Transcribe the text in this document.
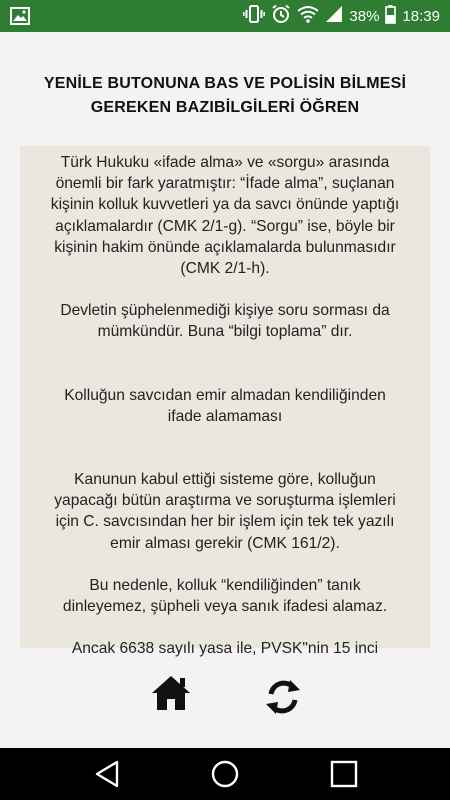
38% 18:39
YENİLE BUTONUNA BAS VE POLİSİN BİLMESİ
GEREKEN BAZIBİLGİLERİ ÖĞREN

Türk Hukuku «ifade alma» ve «sorgu» arasında
önemli bir fark yaratmıştır: “İfade alma”, suçlanan
kişinin kolluk kuvvetleri ya da savcı önünde yaptığı
açıklamalardır (CMK 2/1-g). “Sorgu” ise, böyle bir
kişinin hakim önünde açıklamalarda bulunmasıdır
(CMK 2/1-h).

Devletin şüphelenmediği kişiye soru sorması da
mümkündür. Buna “bilgi toplama” dır.

Kolluğun savcıdan emir almadan kendiliğinden
ifade alamaması

Kanunun kabul ettiği sisteme göre, kolluğun
yapacağı bütün araştırma ve soruşturma işlemleri
için C. savcısından her bir işlem için tek tek yazılı
emir alması gerekir (CMK 161/2).

Bu nedenle, kolluk “kendiliğinden” tanık
dinleyemez, şüpheli veya sanık ifadesi alamaz.

Ancak 6638 sayılı yasa ile, PVSK"nin 15 inci
